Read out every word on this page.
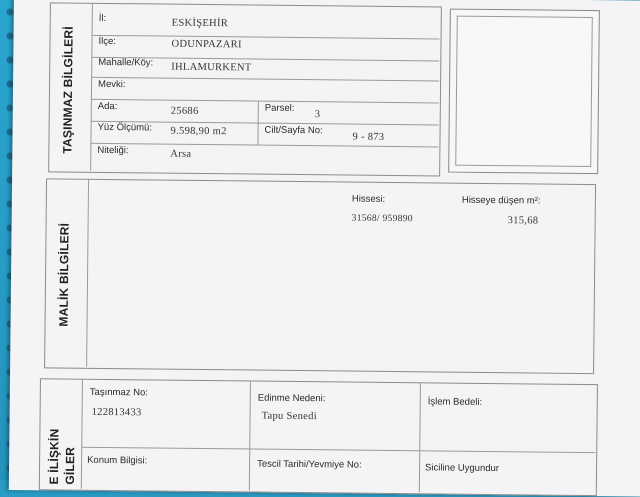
TAŞINMAZ BİLGİLERİ
İl:	ESKİŞEHİR
İlçe:	ODUNPAZARI
Mahalle/Köy: IHLAMURKENT
Mevki:
Ada:	25686	Parsel:
3
Yüz Ölçümü: 9.598,90 m2	Cilt/Sayfa No:
9 - 873
Niteliği:	Arsa
MALİK BİLGİLERİ
Hissesi:
31568/ 959890
Hisseye düşen m²:
315,68
E İLİŞKİN GİLER
Taşınmaz No:
122813433
Edinme Nedeni:
Tapu Senedi
İşlem Bedeli:
Konum Bilgisi:	Tescil Tarihi/Yevmiye No:	Siciline Uygundur
